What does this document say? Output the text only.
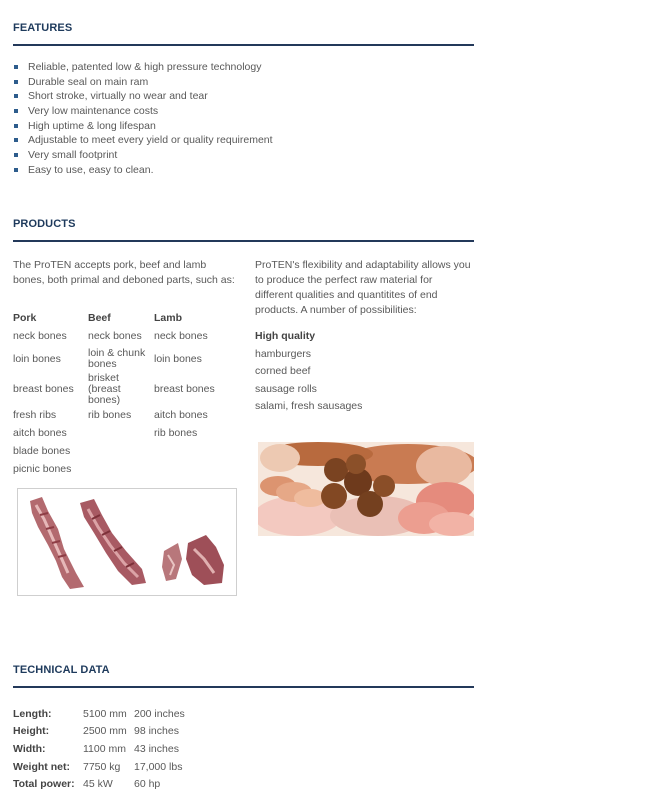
FEATURES
Reliable, patented low & high pressure technology
Durable seal on main ram
Short stroke, virtually no wear and tear
Very low maintenance costs
High uptime & long lifespan
Adjustable to meet every yield or quality requirement
Very small footprint
Easy to use, easy to clean.
PRODUCTS

The ProTEN accepts pork, beef and lamb bones, both primal and deboned parts, such as:

ProTEN's flexibility and adaptability allows you to produce the perfect raw material for different qualities and quantitites of end products. A number of possibilities:

Pork	Beef	Lamb
neck bones	neck bones	neck bones
loin bones	loin & chunk bones	loin bones
breast bones	brisket (breast bones)	breast bones
fresh ribs	rib bones	aitch bones
aitch bones		rib bones
blade bones		
picnic bones		
High quality
hamburgers
corned beef
sausage rolls
salami, fresh sausages
TECHNICAL DATA
Length:	5100 mm	200 inches
Height:	2500 mm	98 inches
Width:	1100 mm	43 inches
Weight net:	7750 kg	17,000 lbs
Total power:	45 kW	60 hp
